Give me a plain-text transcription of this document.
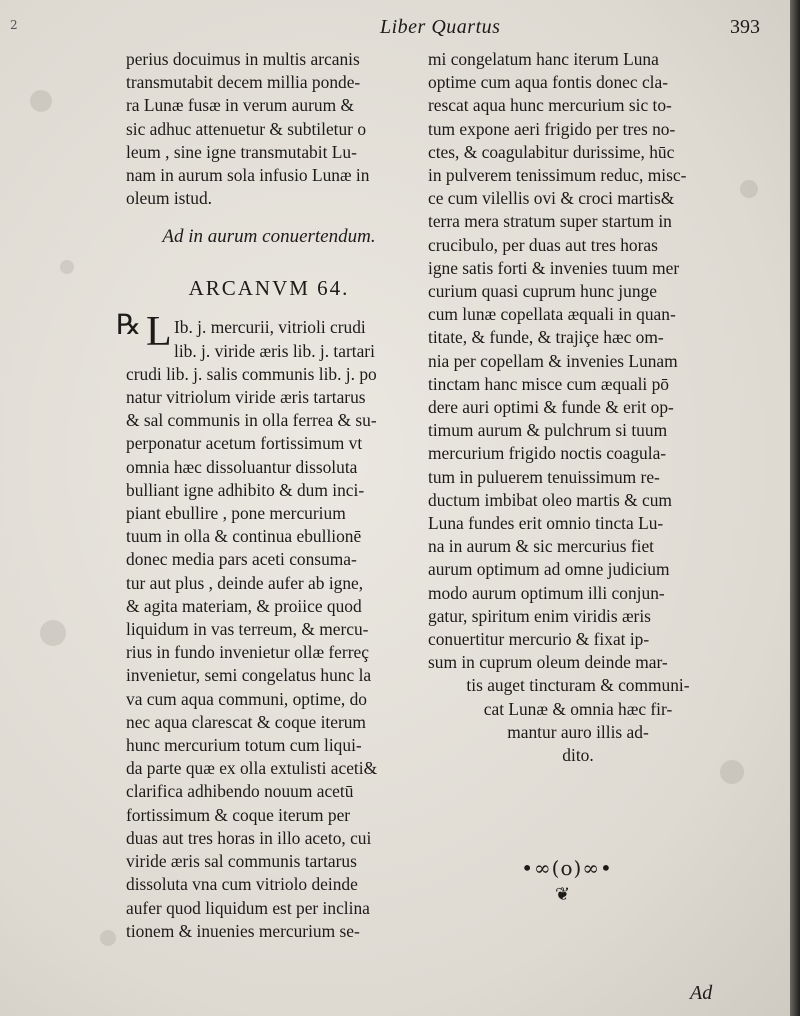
2	Liber Quartus	393
perius docuimus in multis arcanis
transmutabit decem millia ponde-
ra Lunæ fusæ in verum aurum &
sic adhuc attenuetur & subtiletur o
leum , sine igne transmutabit Lu-
nam in aurum sola infusio Lunæ in
oleum istud.
Ad in aurum conuertendum.
ARCANVM 64.
℞ L Ib. j. mercurii, vitrioli crudi
lib. j. viride æris lib. j. tartari
crudi lib. j. salis communis lib. j. po
natur vitriolum viride æris tartarus
& sal communis in olla ferrea & su-
perponatur acetum fortissimum vt
omnia hæc dissoluantur dissoluta
bulliant igne adhibito & dum inci-
piant ebullire , pone mercurium
tuum in olla & continua ebullionē
donec media pars aceti consuma-
tur aut plus , deinde aufer ab igne,
& agita materiam, & proiice quod
liquidum in vas terreum, & mercu-
rius in fundo invenietur ollæ ferreç
invenietur, semi congelatus hunc la
va cum aqua communi, optime, do
nec aqua clarescat & coque iterum
hunc mercurium totum cum liqui-
da parte quæ ex olla extulisti aceti&
clarifica adhibendo nouum acetū
fortissimum & coque iterum per
duas aut tres horas in illo aceto, cui
viride æris sal communis tartarus
dissoluta vna cum vitriolo deinde
aufer quod liquidum est per inclina
tionem & inuenies mercurium se-
mi congelatum hanc iterum Luna
optime cum aqua fontis donec cla-
rescat aqua hunc mercurium sic to-
tum expone aeri frigido per tres no-
ctes, & coagulabitur durissime, hūc
in pulverem tenissimum reduc, misc-
ce cum vilellis ovi & croci martis&
terra mera stratum super startum in
crucibulo, per duas aut tres horas
igne satis forti & invenies tuum mer
curium quasi cuprum hunc junge
cum lunæ copellata æquali in quan-
titate, & funde, & trajiçe hæc om-
nia per copellam & invenies Lunam
tinctam hanc misce cum æquali pō
dere auri optimi & funde & erit op-
timum aurum & pulchrum si tuum
mercurium frigido noctis coagula-
tum in puluerem tenuissimum re-
ductum imbibat oleo martis & cum
Luna fundes erit omnio tincta Lu-
na in aurum & sic mercurius fiet
aurum optimum ad omne judicium
modo aurum optimum illi conjun-
gatur, spiritum enim viridis æris
conuertitur mercurio & fixat ip-
sum in cuprum oleum deinde mar-
tis auget tincturam & communi-
cat Lunæ & omnia hæc fir-
mantur auro illis ad-
dito.
•∞(o)∞•
❦
Ad
